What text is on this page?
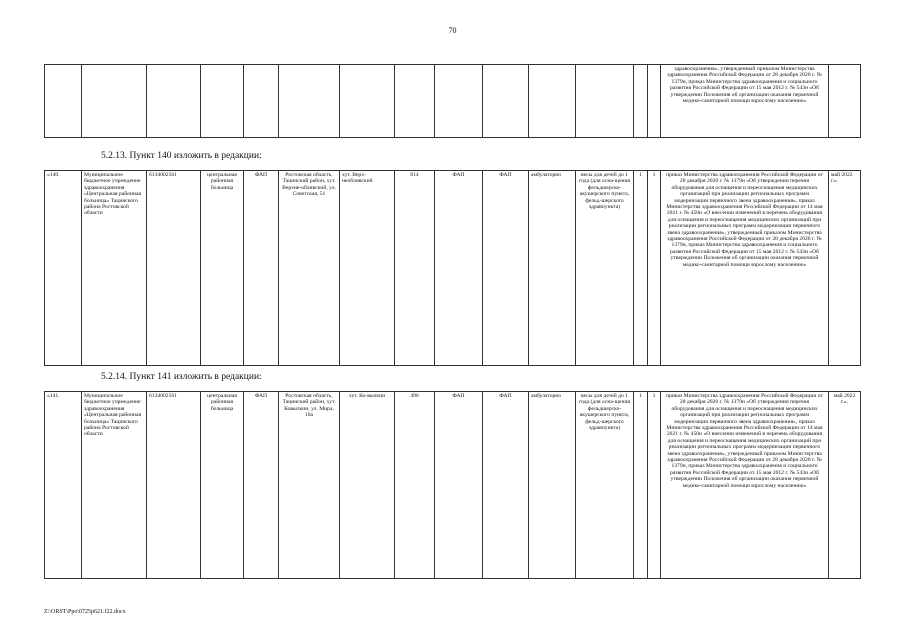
70
														здравоохранения», утвержденный приказом Министерства здравоохранения Российской Федерации от 28 декабря 2020 г. № 1379н, приказ Министерства здравоохранения и социального развития Российской Федерации от 15 мая 2012 г. № 543н «Об утверждении Положения об организации оказания первичной медико-санитарной помощи взрослому населению»	
5.2.13. Пункт 140 изложить в редакции:
«140.	Муниципальное бюджетное учреждение здравоохранения «Центральная районная больница» Тацинского района Ростовской области	6134002561	центральная районная больница	ФАП	Ростовская область, Тацинский район, хут. Верхне-обливский, ул. Советская, 51	хут. Верх-необливский	814	ФАП	ФАП	амбулаторно	весы для детей до 1 года (для осна-щения фельдшерско-акушерского пункта, фельд-шерского здравпункта)	1	1	приказ Министерства здравоохранения Российской Федерации от 28 декабря 2020 г. № 1379н «Об утверждении перечня оборудования для оснащения и переоснащения медицинских организаций при реализации региональных программ модернизации первичного звена здравоохранения», приказ Министерства здравоохранения Российской Федерации от 14 мая 2021 г. № 450н «О внесении изменений в перечень оборудования для оснащения и переоснащения медицинских организаций при реализации региональных программ модернизации первичного звена здравоохранения», утвержденный приказом Министерства здравоохранения Российской Федерации от 28 декабря 2020 г. № 1379н, приказ Министерства здравоохранения и социального развития Российской Федерации от 15 мая 2012 г. № 543н «Об утверждении Положения об организации оказания первичной медико-санитарной помощи взрослому населению»	май 2022 г.».
5.2.14. Пункт 141 изложить в редакции:
«141.	Муниципальное бюджетное учреждение здравоохранения «Центральная районная больница» Тацинского района Ростовской области	6134002561	центральная районная больница	ФАП	Ростовская область, Тацинский район, хут. Ковылкин, ул. Мира, 10а	хут. Ко-вылкин	490	ФАП	ФАП	амбулаторно	весы для детей до 1 года (для осна-щения фельдшерско-акушерского пункта, фельд-шерского здравпункта)	1	1	приказ Министерства здравоохранения Российской Федерации от 28 декабря 2020 г. № 1379н «Об утверждении перечня оборудования для оснащения и переоснащения медицинских организаций при реализации региональных программ модернизации первичного звена здравоохранения», приказ Министерства здравоохранения Российской Федерации от 14 мая 2021 г. № 450н «О внесении изменений в перечень оборудования для оснащения и переоснащения медицинских организаций при реализации региональных программ модернизации первичного звена здравоохранения», утвержденный приказом Министерства здравоохранения Российской Федерации от 28 декабря 2020 г. № 1379н, приказ Министерства здравоохранения и социального развития Российской Федерации от 15 мая 2012 г. № 543н «Об утверждении Положения об организации оказания первичной медико-санитарной помощи взрослому населению»	май 2022 г.».
Z:\ORST\Ppo\0725p621.f22.docx
